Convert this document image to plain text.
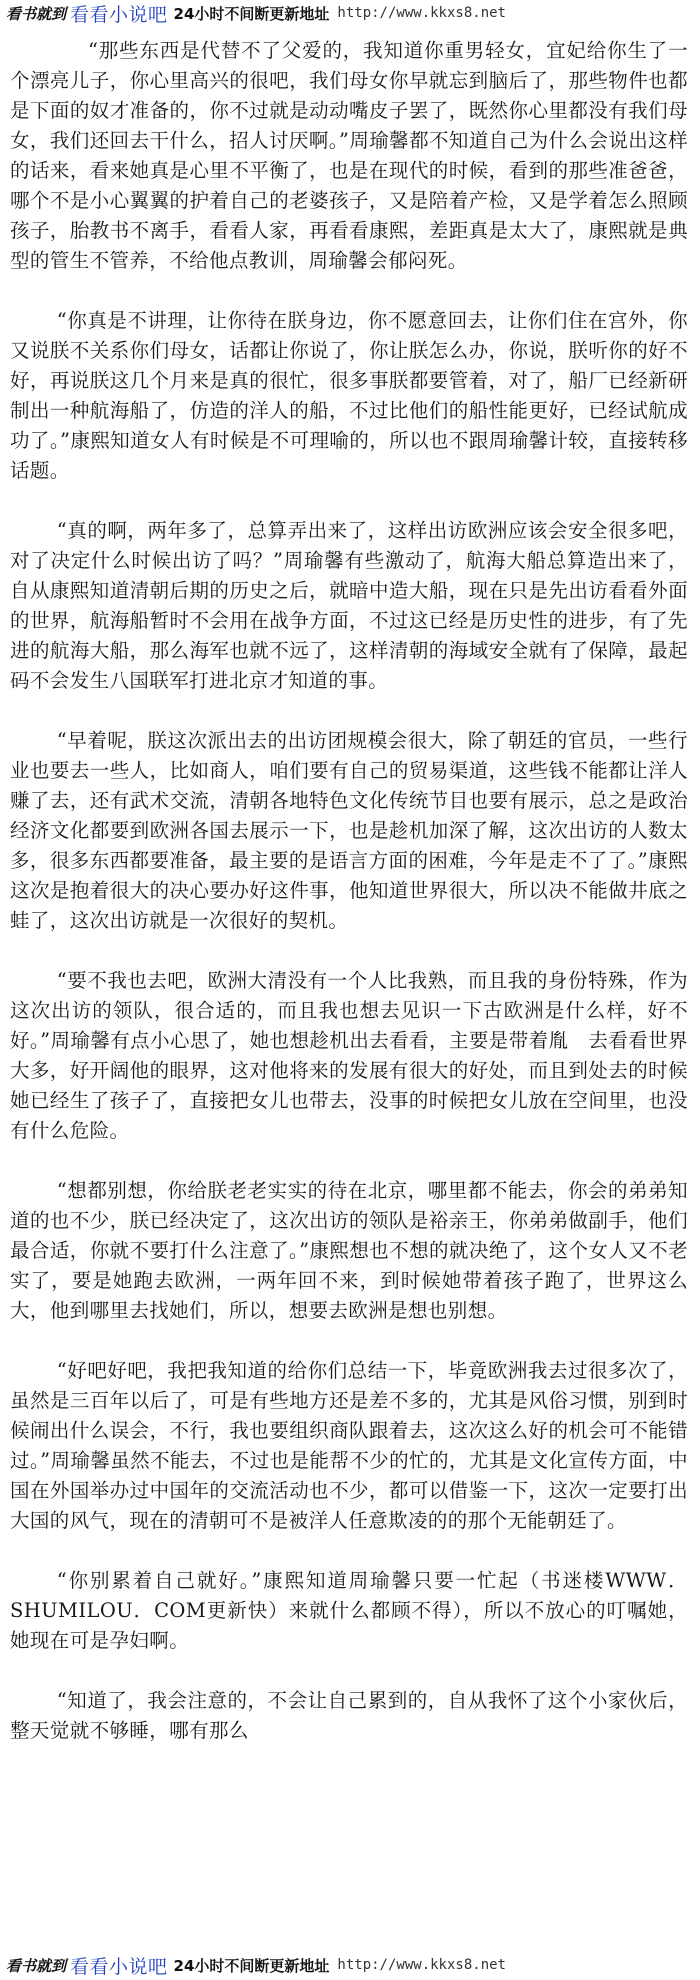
看书就到 看看小说吧 24小时不间断更新地址 http://www.kkxs8.net

“那些东西是代替不了父爱的，我知道你重男轻女，宜妃给你生了一个漂亮儿子，你心里高兴的很吧，我们母女你早就忘到脑后了，那些物件也都是下面的奴才准备的，你不过就是动动嘴皮子罢了，既然你心里都没有我们母女，我们还回去干什么，招人讨厌啊。”周瑜馨都不知道自己为什么会说出这样的话来，看来她真是心里不平衡了，也是在现代的时候，看到的那些准爸爸，哪个不是小心翼翼的护着自己的老婆孩子，又是陪着产检，又是学着怎么照顾孩子，胎教书不离手，看看人家，再看看康熙，差距真是太大了，康熙就是典型的管生不管养，不给他点教训，周瑜馨会郁闷死。

“你真是不讲理，让你待在朕身边，你不愿意回去，让你们住在宫外，你又说朕不关系你们母女，话都让你说了，你让朕怎么办，你说，朕听你的好不好，再说朕这几个月来是真的很忙，很多事朕都要管着，对了，船厂已经新研制出一种航海船了，仿造的洋人的船，不过比他们的船性能更好，已经试航成功了。”康熙知道女人有时候是不可理喻的，所以也不跟周瑜馨计较，直接转移话题。

“真的啊，两年多了，总算弄出来了，这样出访欧洲应该会安全很多吧，对了决定什么时候出访了吗？”周瑜馨有些激动了，航海大船总算造出来了，自从康熙知道清朝后期的历史之后，就暗中造大船，现在只是先出访看看外面的世界，航海船暂时不会用在战争方面，不过这已经是历史性的进步，有了先进的航海大船，那么海军也就不远了，这样清朝的海域安全就有了保障，最起码不会发生八国联军打进北京才知道的事。

“早着呢，朕这次派出去的出访团规模会很大，除了朝廷的官员，一些行业也要去一些人，比如商人，咱们要有自己的贸易渠道，这些钱不能都让洋人赚了去，还有武术交流，清朝各地特色文化传统节目也要有展示，总之是政治经济文化都要到欧洲各国去展示一下，也是趁机加深了解，这次出访的人数太多，很多东西都要准备，最主要的是语言方面的困难，今年是走不了了。”康熙这次是抱着很大的决心要办好这件事，他知道世界很大，所以决不能做井底之蛙了，这次出访就是一次很好的契机。

“要不我也去吧，欧洲大清没有一个人比我熟，而且我的身份特殊，作为这次出访的领队，很合适的，而且我也想去见识一下古欧洲是什么样，好不好。”周瑜馨有点小心思了，她也想趁机出去看看，主要是带着胤　去看看世界大多，好开阔他的眼界，这对他将来的发展有很大的好处，而且到处去的时候她已经生了孩子了，直接把女儿也带去，没事的时候把女儿放在空间里，也没有什么危险。

“想都别想，你给朕老老实实的待在北京，哪里都不能去，你会的弟弟知道的也不少，朕已经决定了，这次出访的领队是裕亲王，你弟弟做副手，他们最合适，你就不要打什么注意了。”康熙想也不想的就决绝了，这个女人又不老实了，要是她跑去欧洲，一两年回不来，到时候她带着孩子跑了，世界这么大，他到哪里去找她们，所以，想要去欧洲是想也别想。

“好吧好吧，我把我知道的给你们总结一下，毕竟欧洲我去过很多次了，虽然是三百年以后了，可是有些地方还是差不多的，尤其是风俗习惯，别到时候闹出什么误会，不行，我也要组织商队跟着去，这次这么好的机会可不能错过。”周瑜馨虽然不能去，不过也是能帮不少的忙的，尤其是文化宣传方面，中国在外国举办过中国年的交流活动也不少，都可以借鉴一下，这次一定要打出大国的风气，现在的清朝可不是被洋人任意欺凌的的那个无能朝廷了。

“你别累着自己就好。”康熙知道周瑜馨只要一忙起（书迷楼WWW．SHUMILOU．COM更新快）来就什么都顾不得），所以不放心的叮嘱她，她现在可是孕妇啊。

“知道了，我会注意的，不会让自己累到的，自从我怀了这个小家伙后，整天觉就不够睡，哪有那么

看书就到 看看小说吧 24小时不间断更新地址 http://www.kkxs8.net
